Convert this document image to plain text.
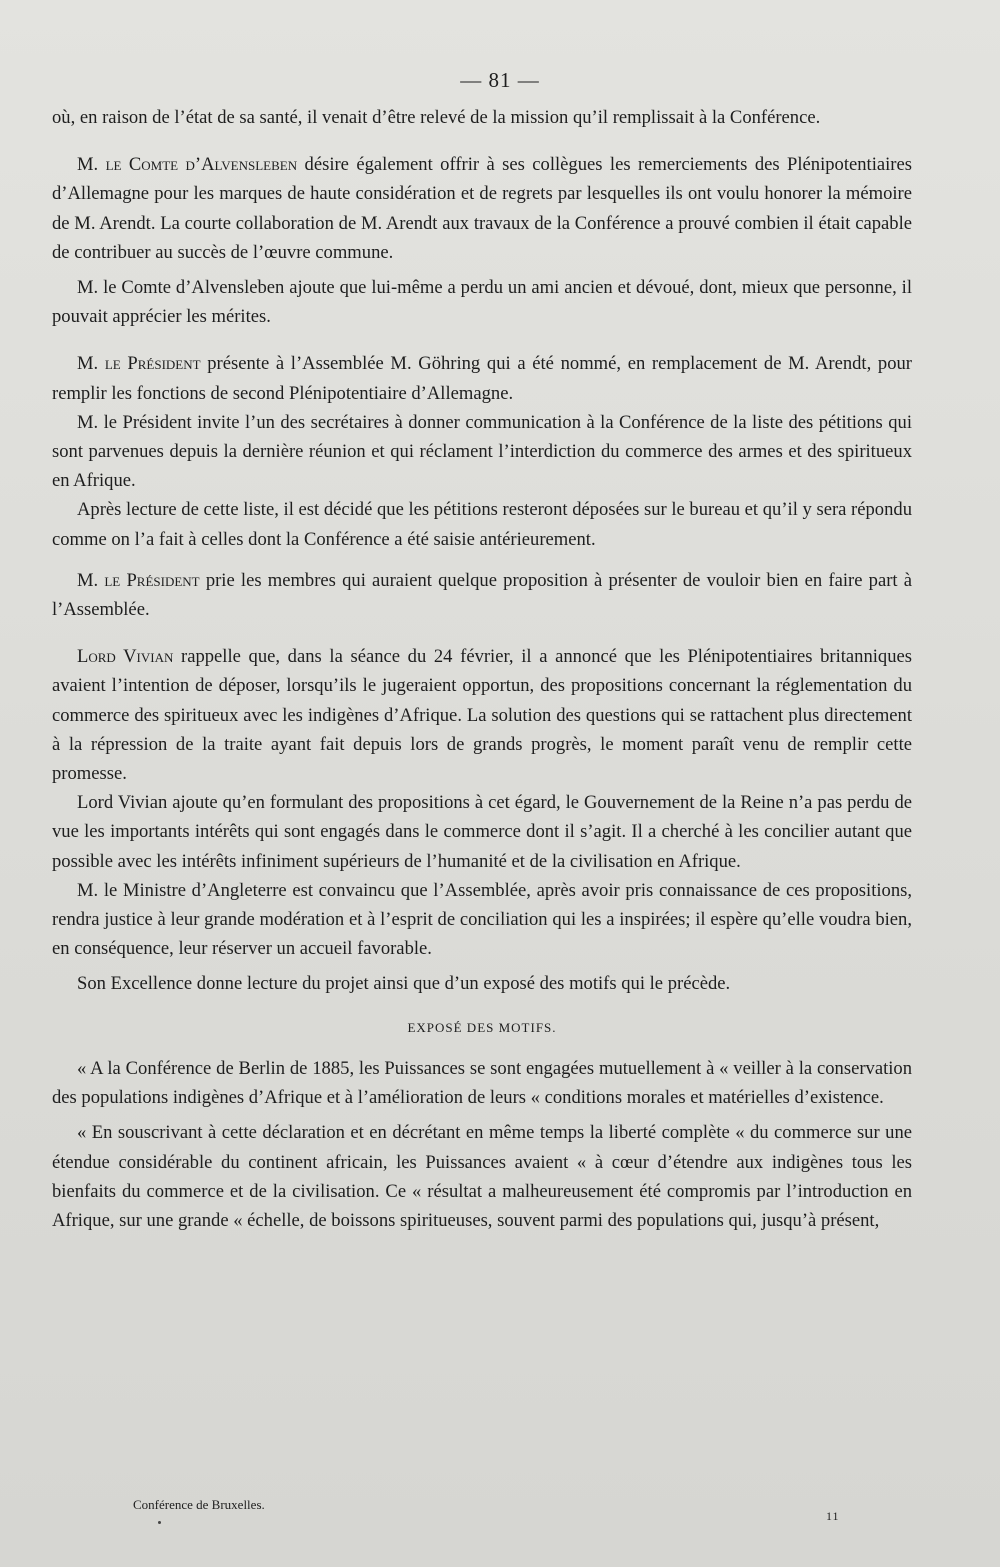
— 81 —

où, en raison de l’état de sa santé, il venait d’être relevé de la mission qu’il remplissait à la Conférence.

M. le Comte d’Alvensleben désire également offrir à ses collègues les remerciements des Plénipotentiaires d’Allemagne pour les marques de haute considération et de regrets par lesquelles ils ont voulu honorer la mémoire de M. Arendt. La courte collaboration de M. Arendt aux travaux de la Conférence a prouvé combien il était capable de contribuer au succès de l’œuvre commune.

M. le Comte d’Alvensleben ajoute que lui-même a perdu un ami ancien et dévoué, dont, mieux que personne, il pouvait apprécier les mérites.

M. le Président présente à l’Assemblée M. Göhring qui a été nommé, en remplacement de M. Arendt, pour remplir les fonctions de second Plénipotentiaire d’Allemagne.

M. le Président invite l’un des secrétaires à donner communication à la Conférence de la liste des pétitions qui sont parvenues depuis la dernière réunion et qui réclament l’interdiction du commerce des armes et des spiritueux en Afrique.

Après lecture de cette liste, il est décidé que les pétitions resteront déposées sur le bureau et qu’il y sera répondu comme on l’a fait à celles dont la Conférence a été saisie antérieurement.

M. le Président prie les membres qui auraient quelque proposition à présenter de vouloir bien en faire part à l’Assemblée.

Lord Vivian rappelle que, dans la séance du 24 février, il a annoncé que les Plénipotentiaires britanniques avaient l’intention de déposer, lorsqu’ils le jugeraient opportun, des propositions concernant la réglementation du commerce des spiritueux avec les indigènes d’Afrique. La solution des questions qui se rattachent plus directement à la répression de la traite ayant fait depuis lors de grands progrès, le moment paraît venu de remplir cette promesse.

Lord Vivian ajoute qu’en formulant des propositions à cet égard, le Gouvernement de la Reine n’a pas perdu de vue les importants intérêts qui sont engagés dans le commerce dont il s’agit. Il a cherché à les concilier autant que possible avec les intérêts infiniment supérieurs de l’humanité et de la civilisation en Afrique.

M. le Ministre d’Angleterre est convaincu que l’Assemblée, après avoir pris connaissance de ces propositions, rendra justice à leur grande modération et à l’esprit de conciliation qui les a inspirées; il espère qu’elle voudra bien, en conséquence, leur réserver un accueil favorable.

Son Excellence donne lecture du projet ainsi que d’un exposé des motifs qui le précède.

EXPOSÉ DES MOTIFS.

« A la Conférence de Berlin de 1885, les Puissances se sont engagées mutuellement à « veiller à la conservation des populations indigènes d’Afrique et à l’amélioration de leurs « conditions morales et matérielles d’existence.

« En souscrivant à cette déclaration et en décrétant en même temps la liberté complète « du commerce sur une étendue considérable du continent africain, les Puissances avaient « à cœur d’étendre aux indigènes tous les bienfaits du commerce et de la civilisation. Ce « résultat a malheureusement été compromis par l’introduction en Afrique, sur une grande « échelle, de boissons spiritueuses, souvent parmi des populations qui, jusqu’à présent,

Conférence de Bruxelles.
11
